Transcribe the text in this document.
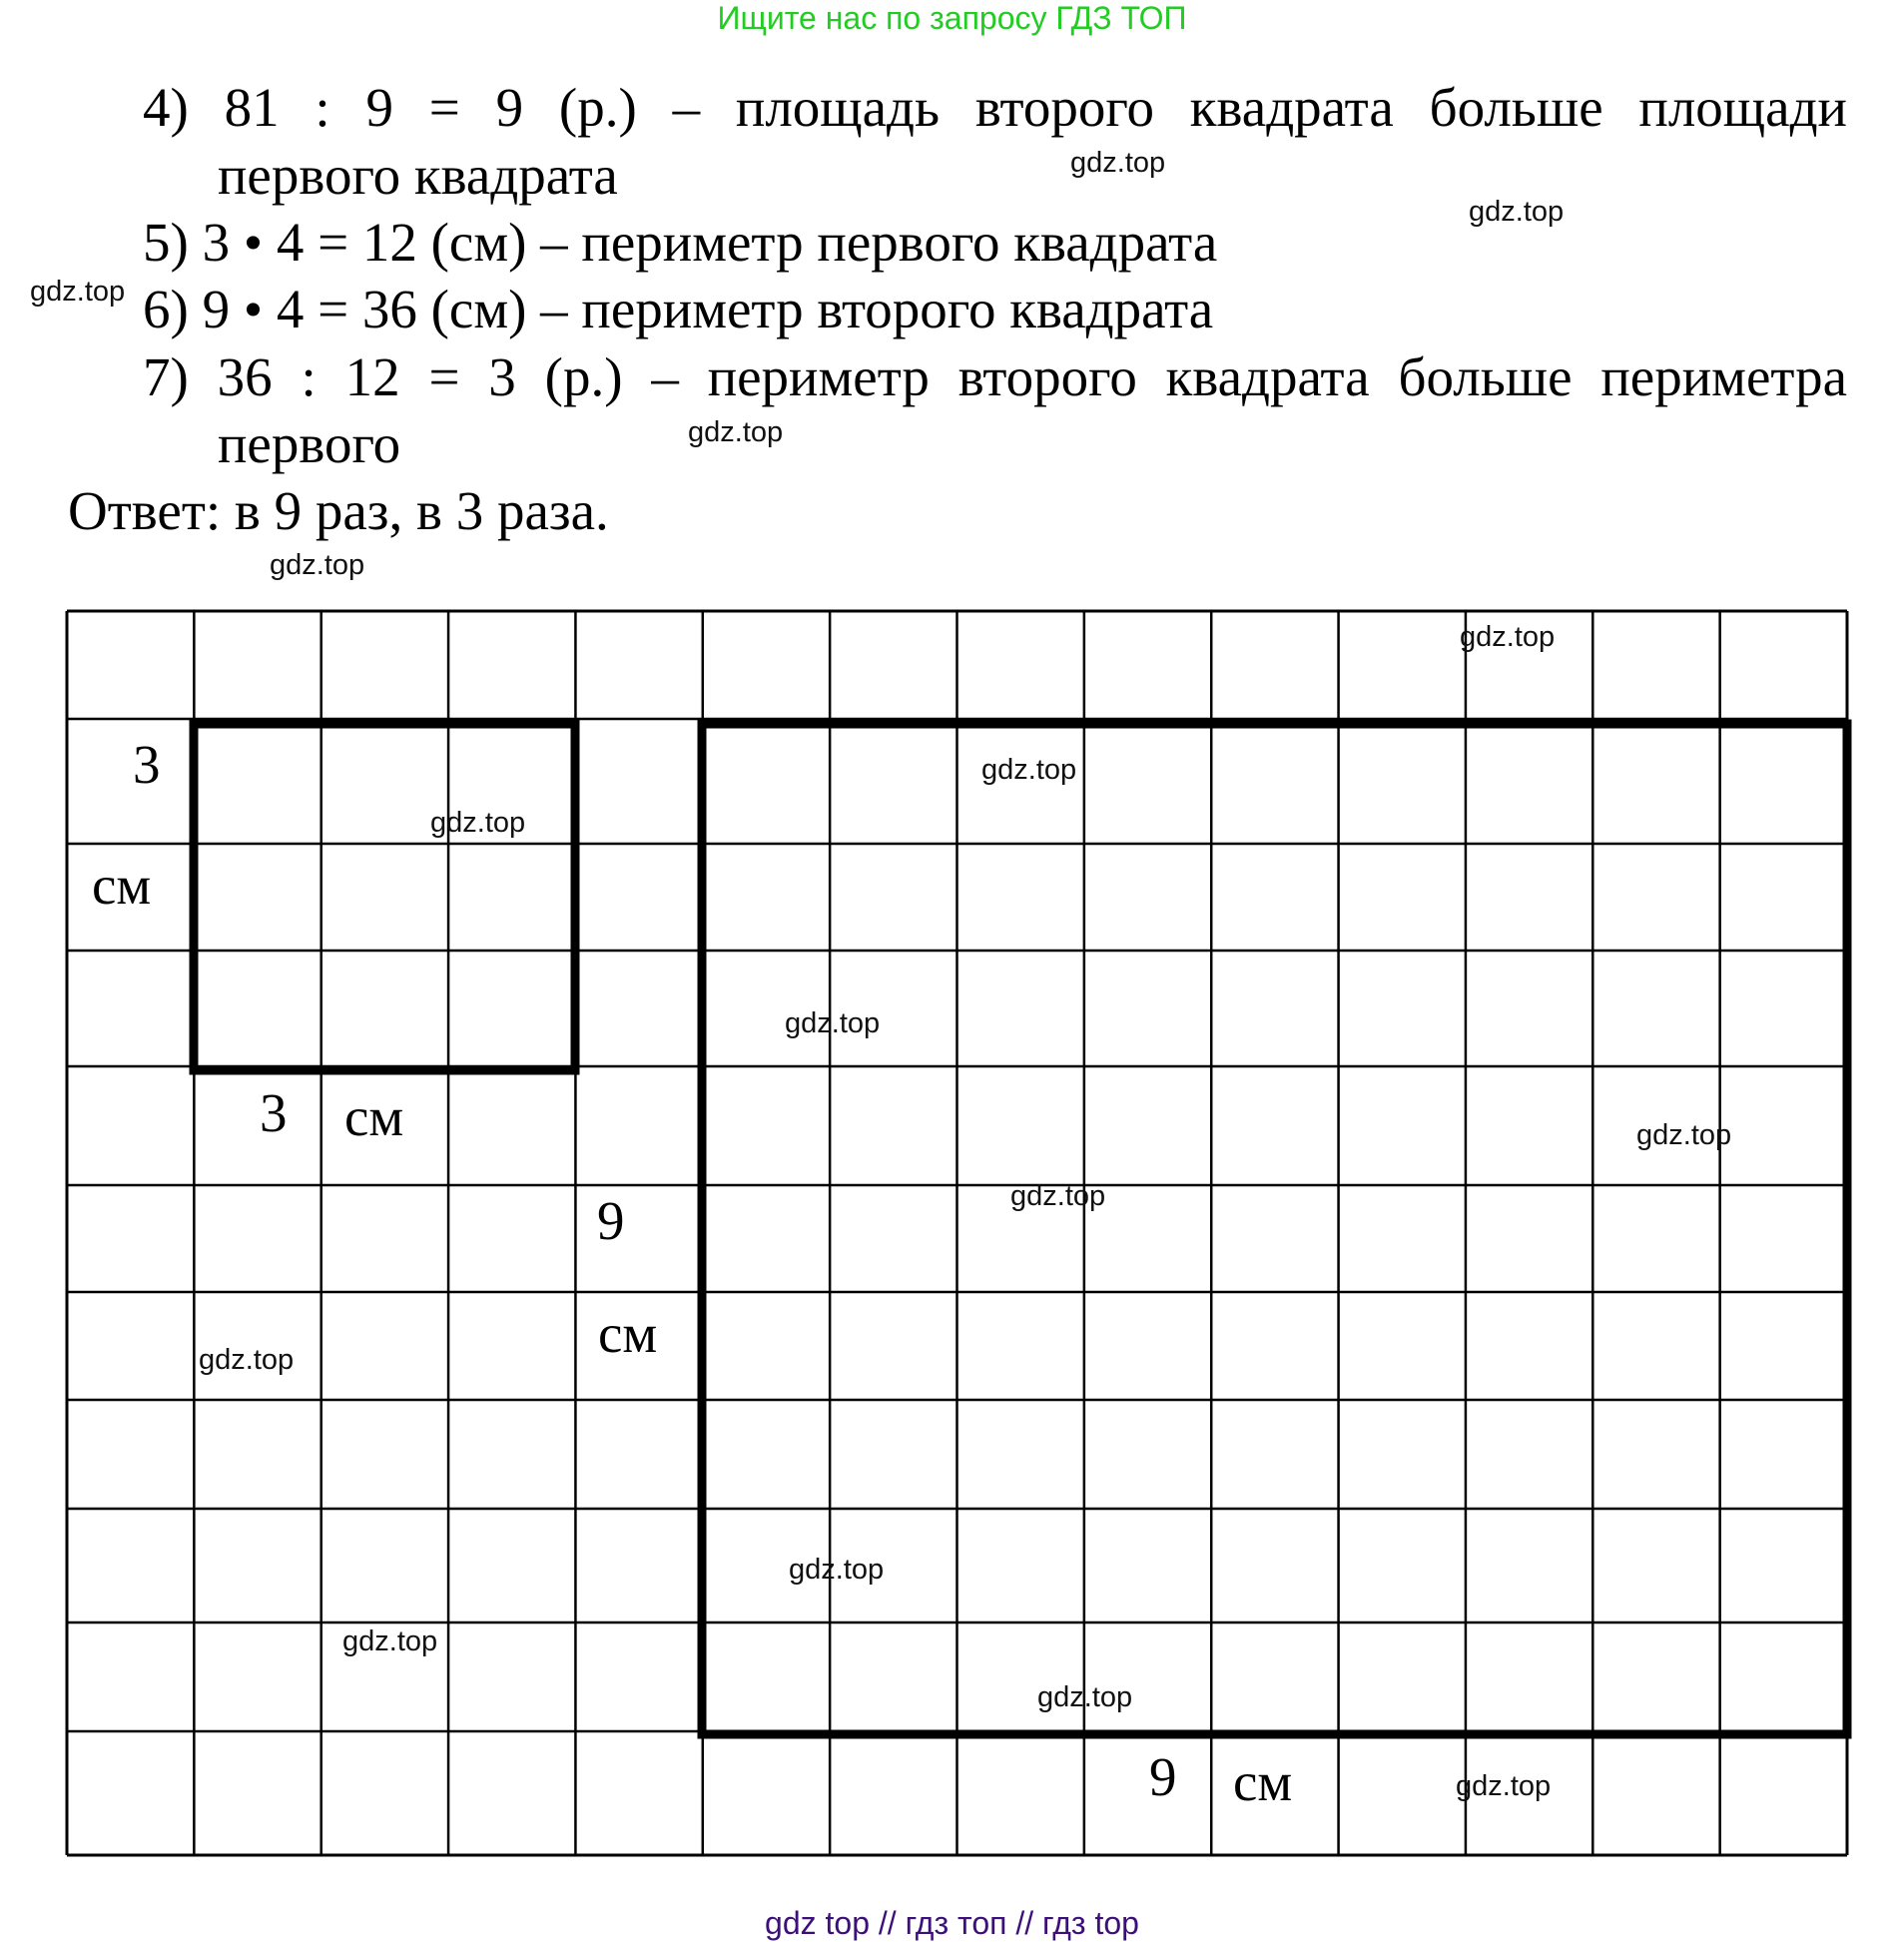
Ищите нас по запросу ГДЗ ТОП
4) 81 : 9 = 9 (р.) – площадь второго квадрата больше площади
первого квадрата
5) 3 • 4 = 12 (см) – периметр первого квадрата
6) 9 • 4 = 36 (см) – периметр второго квадрата
7) 36 : 12 = 3 (р.) – периметр второго квадрата больше периметра
первого
Ответ: в 9 раз, в 3 раза.
3
см
3 см
9
см
9 см
gdz.top
gdz.top
gdz.top
gdz.top
gdz.top
gdz.top
gdz.top
gdz.top
gdz.top
gdz.top
gdz.top
gdz.top
gdz.top
gdz.top
gdz.top
gdz.top
gdz top // гдз топ // гдз top
